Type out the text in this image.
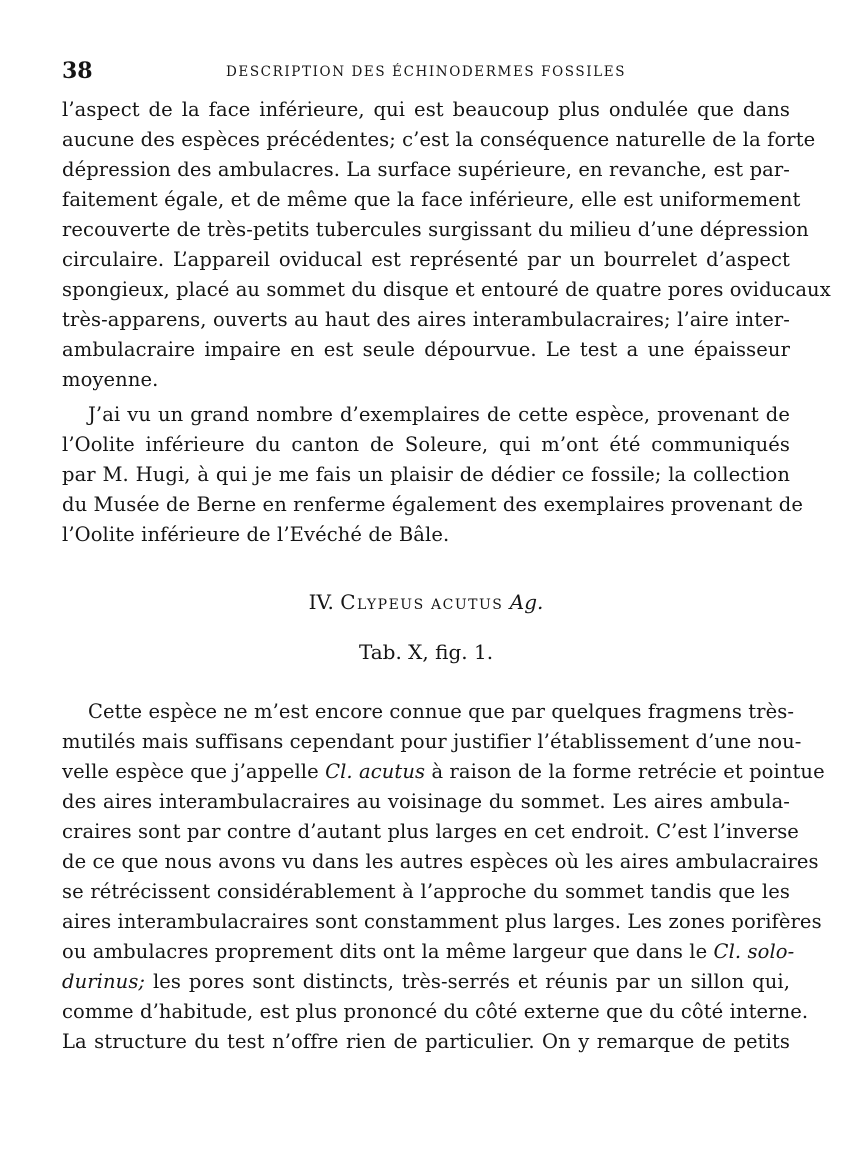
38	DESCRIPTION DES ÉCHINODERMES FOSSILES
l’aspect de la face inférieure, qui est beaucoup plus ondulée que dans
aucune des espèces précédentes; c’est la conséquence naturelle de la forte
dépression des ambulacres. La surface supérieure, en revanche, est par-
faitement égale, et de même que la face inférieure, elle est uniformement
recouverte de très-petits tubercules surgissant du milieu d’une dépression
circulaire. L’appareil oviducal est représenté par un bourrelet d’aspect
spongieux, placé au sommet du disque et entouré de quatre pores oviducaux
très-apparens, ouverts au haut des aires interambulacraires; l’aire inter-
ambulacraire impaire en est seule dépourvue. Le test a une épaisseur
moyenne.
J’ai vu un grand nombre d’exemplaires de cette espèce, provenant de
l’Oolite inférieure du canton de Soleure, qui m’ont été communiqués
par M. Hugi, à qui je me fais un plaisir de dédier ce fossile; la collection
du Musée de Berne en renferme également des exemplaires provenant de
l’Oolite inférieure de l’Evéché de Bâle.
IV. Clypeus acutus Ag.
Tab. X, fig. 1.
Cette espèce ne m’est encore connue que par quelques fragmens très-
mutilés mais suffisans cependant pour justifier l’établissement d’une nou-
velle espèce que j’appelle Cl. acutus à raison de la forme retrécie et pointue
des aires interambulacraires au voisinage du sommet. Les aires ambula-
craires sont par contre d’autant plus larges en cet endroit. C’est l’inverse
de ce que nous avons vu dans les autres espèces où les aires ambulacraires
se rétrécissent considérablement à l’approche du sommet tandis que les
aires interambulacraires sont constamment plus larges. Les zones porifères
ou ambulacres proprement dits ont la même largeur que dans le Cl. solo-
durinus; les pores sont distincts, très-serrés et réunis par un sillon qui,
comme d’habitude, est plus prononcé du côté externe que du côté interne.
La structure du test n’offre rien de particulier. On y remarque de petits
